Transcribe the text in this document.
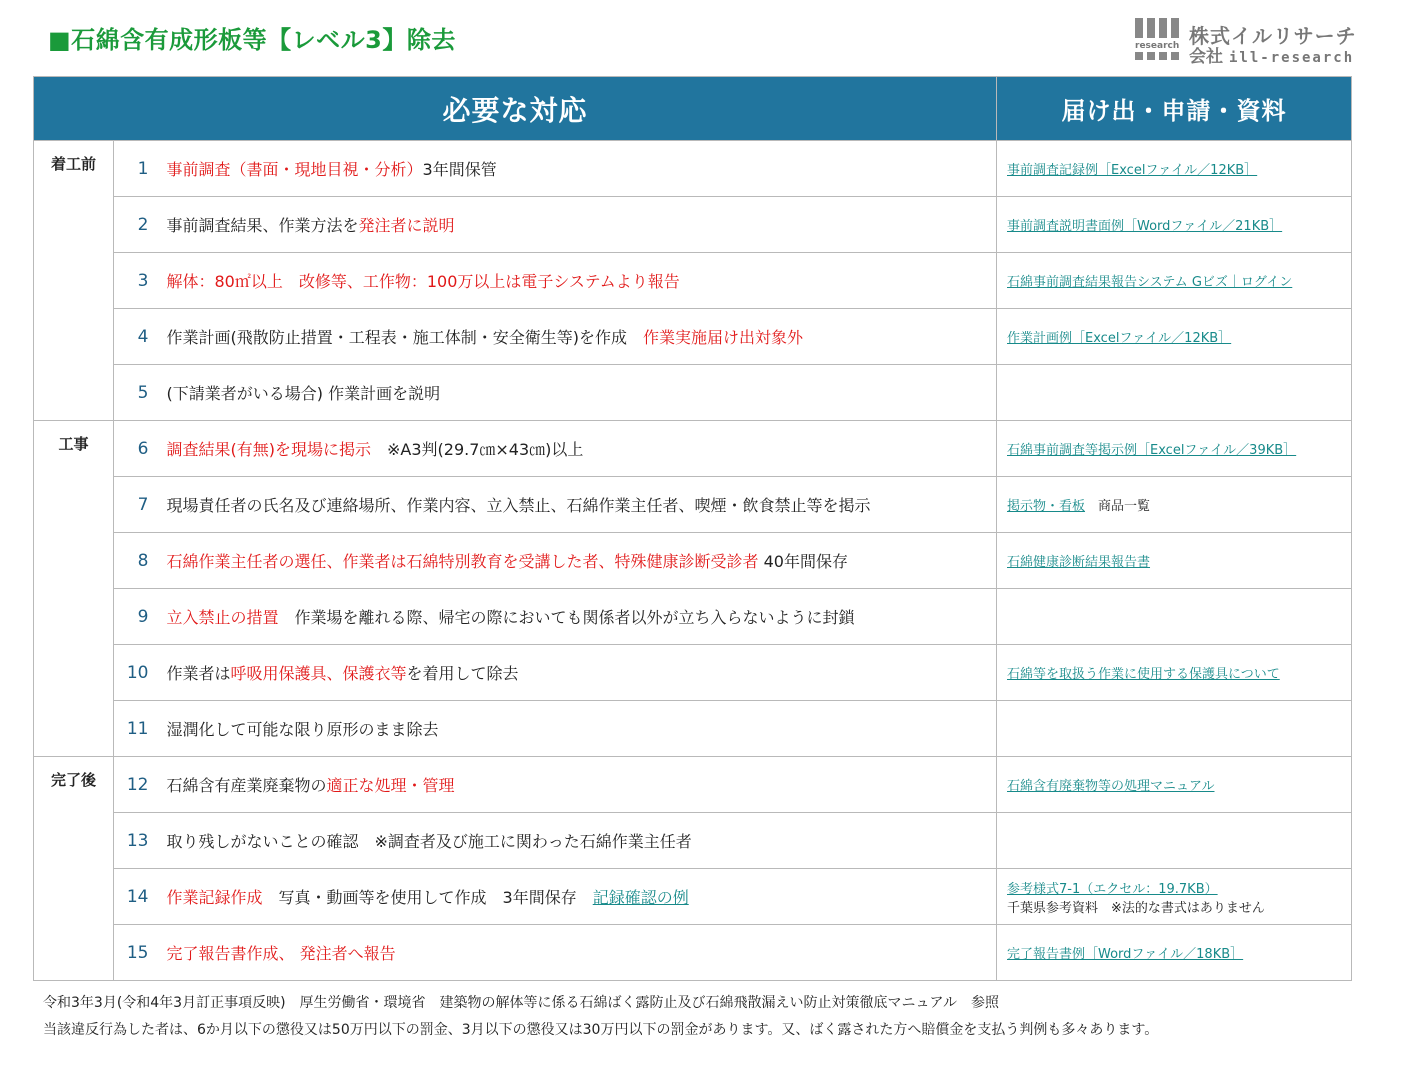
■石綿含有成形板等【レベル3】除去	research 株式イルリサーチ
会社 ill-research
必要な対応			届け出・申請・資料
着工前	1	事前調査（書面・現地目視・分析）3年間保管	事前調査記録例［Excelファイル／12KB］
	2	事前調査結果、作業方法を発注者に説明	事前調査説明書面例［Wordファイル／21KB］
	3	解体：80㎡以上　改修等、工作物：100万以上は電子システムより報告	石綿事前調査結果報告システム Gビズ｜ログイン
	4	作業計画(飛散防止措置・工程表・施工体制・安全衛生等)を作成　作業実施届け出対象外	作業計画例［Excelファイル／12KB］
	5	(下請業者がいる場合) 作業計画を説明	
工事	6	調査結果(有無)を現場に掲示　※A3判(29.7㎝×43㎝)以上	石綿事前調査等掲示例［Excelファイル／39KB］
	7	現場責任者の氏名及び連絡場所、作業内容、立入禁止、石綿作業主任者、喫煙・飲食禁止等を掲示	掲示物・看板　商品一覧
	8	石綿作業主任者の選任、作業者は石綿特別教育を受講した者、特殊健康診断受診者 40年間保存	石綿健康診断結果報告書
	9	立入禁止の措置　作業場を離れる際、帰宅の際においても関係者以外が立ち入らないように封鎖	
	10	作業者は呼吸用保護具、保護衣等を着用して除去	石綿等を取扱う作業に使用する保護具について
	11	湿潤化して可能な限り原形のまま除去	
完了後	12	石綿含有産業廃棄物の適正な処理・管理	石綿含有廃棄物等の処理マニュアル
	13	取り残しがないことの確認　※調査者及び施工に関わった石綿作業主任者	
	14	作業記録作成　写真・動画等を使用して作成　3年間保存　記録確認の例	参考様式7-1（エクセル：19.7KB）
千葉県参考資料　※法的な書式はありません

	15	完了報告書作成、 発注者へ報告	完了報告書例［Wordファイル／18KB］
令和3年3月(令和4年3月訂正事項反映)　厚生労働省・環境省　建築物の解体等に係る石綿ばく露防止及び石綿飛散漏えい防止対策徹底マニュアル　参照
当該違反行為した者は、6か月以下の懲役又は50万円以下の罰金、3月以下の懲役又は30万円以下の罰金があります。又、ばく露された方へ賠償金を支払う判例も多々あります。
